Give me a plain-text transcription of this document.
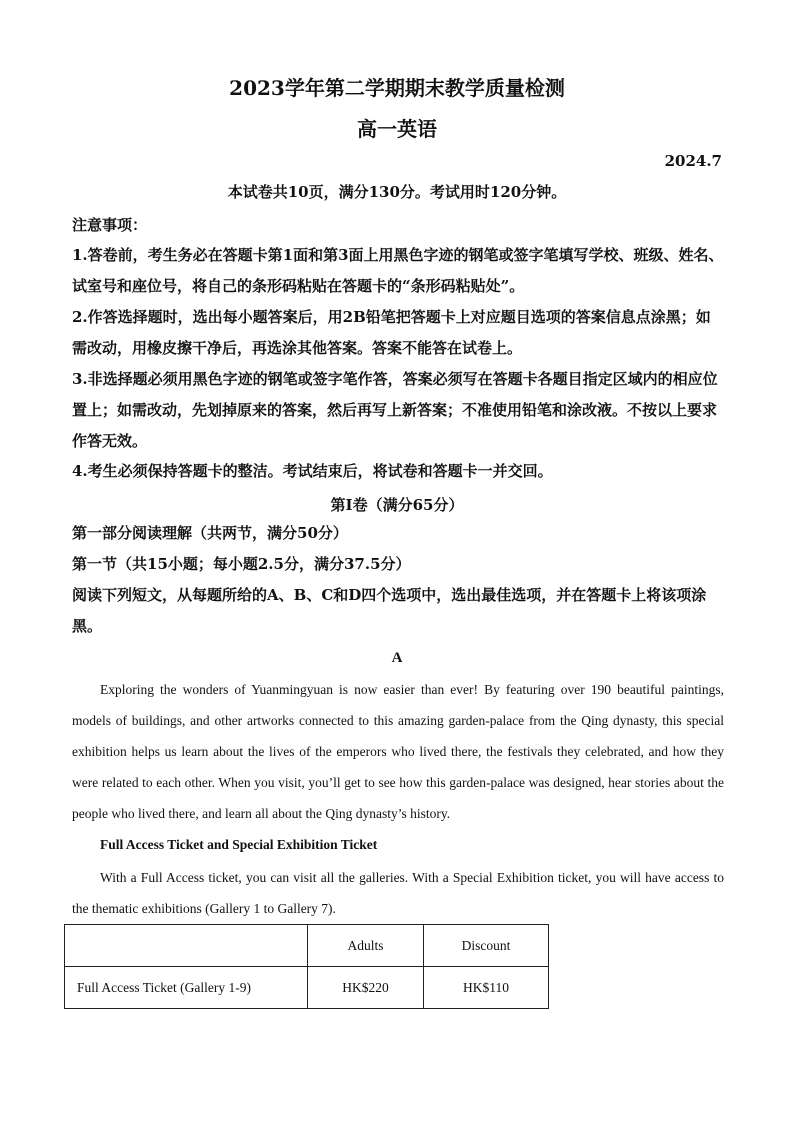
2023学年第二学期期末教学质量检测
高一英语
2024.7
本试卷共10页，满分130分。考试用时120分钟。
注意事项：
1.答卷前，考生务必在答题卡第1面和第3面上用黑色字迹的钢笔或签字笔填写学校、班级、姓名、试室号和座位号，将自己的条形码粘贴在答题卡的“条形码粘贴处”。
2.作答选择题时，选出每小题答案后，用2B铅笔把答题卡上对应题目选项的答案信息点涂黑；如需改动，用橡皮擦干净后，再选涂其他答案。答案不能答在试卷上。
3.非选择题必须用黑色字迹的钢笔或签字笔作答，答案必须写在答题卡各题目指定区域内的相应位置上；如需改动，先划掉原来的答案，然后再写上新答案；不准使用铅笔和涂改液。不按以上要求作答无效。
4.考生必须保持答题卡的整洁。考试结束后，将试卷和答题卡一并交回。
第Ⅰ卷（满分65分）
第一部分阅读理解（共两节，满分50分）
第一节（共15小题；每小题2.5分，满分37.5分）
阅读下列短文，从每题所给的A、B、C和D四个选项中，选出最佳选项，并在答题卡上将该项涂黑。
A
Exploring the wonders of Yuanmingyuan is now easier than ever! By featuring over 190 beautiful paintings, models of buildings, and other artworks connected to this amazing garden-palace from the Qing dynasty, this special exhibition helps us learn about the lives of the emperors who lived there, the festivals they celebrated, and how they were related to each other. When you visit, you’ll get to see how this garden-palace was designed, hear stories about the people who lived there, and learn all about the Qing dynasty’s history.
Full Access Ticket and Special Exhibition Ticket
With a Full Access ticket, you can visit all the galleries. With a Special Exhibition ticket, you will have access to the thematic exhibitions (Gallery 1 to Gallery 7).
	Adults	Discount
Full Access Ticket (Gallery 1-9)	HK$220	HK$110
